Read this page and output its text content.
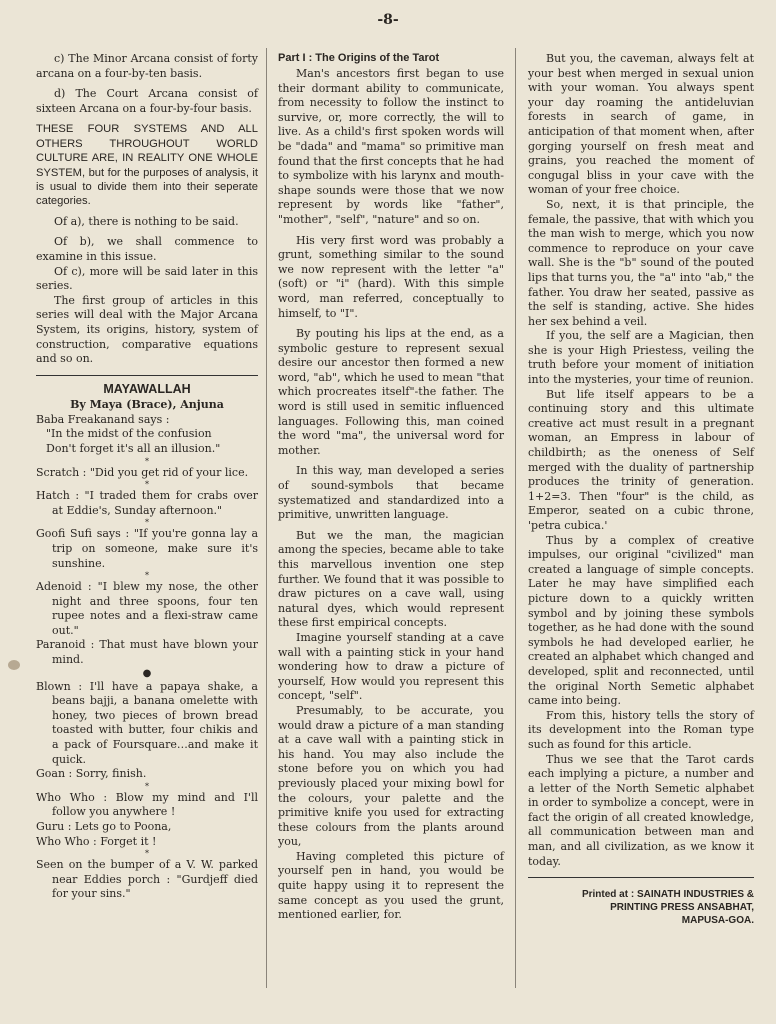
-8-

c) The Minor Arcana consist of forty arcana on a four-by-ten basis.

d) The Court Arcana consist of sixteen Arcana on a four-by-four basis.

THESE FOUR SYSTEMS AND ALL OTHERS THROUGHOUT WORLD CULTURE ARE, IN REALITY ONE WHOLE SYSTEM, but for the purposes of analysis, it is usual to divide them into their seperate categories.

Of a), there is nothing to be said.

Of b), we shall commence to examine in this issue.

Of c), more will be said later in this series.

The first group of articles in this series will deal with the Major Arcana System, its origins, history, system of construction, comparative equations and so on.

MAYAWALLAH
By Maya (Brace), Anjuna

Baba Freakanand says :

"In the midst of the confusion

Don't forget it's all an illusion."

*

Scratch : "Did you get rid of your lice.

*

Hatch : "I traded them for crabs over at Eddie's, Sunday afternoon."

*

Goofi Sufi says : "If you're gonna lay a trip on someone, make sure it's sunshine.

*

Adenoid : "I blew my nose, the other night and three spoons, four ten rupee notes and a flexi-straw came out."

Paranoid : That must have blown your mind.

●

Blown : I'll have a papaya shake, a beans bajji, a banana omelette with honey, two pieces of brown bread toasted with butter, four chikis and a pack of Foursquare…and make it quick.

Goan : Sorry, finish.

*

Who Who : Blow my mind and I'll follow you anywhere !

Guru : Lets go to Poona,

Who Who : Forget it !

*

Seen on the bumper of a V. W. parked near Eddies porch : "Gurdjeff died for your sins."

Part I : The Origins of the Tarot

Man's ancestors first began to use their dormant ability to communicate, from necessity to follow the instinct to survive, or, more correctly, the will to live. As a child's first spoken words will be "dada" and "mama" so primitive man found that the first concepts that he had to symbolize with his larynx and mouth-shape sounds were those that we now represent by words like "father", "mother", "self", "nature" and so on.

His very first word was probably a grunt, something similar to the sound we now represent with the letter "a" (soft) or "i" (hard). With this simple word, man referred, conceptually to himself, to "I".

By pouting his lips at the end, as a symbolic gesture to represent sexual desire our ancestor then formed a new word, "ab", which he used to mean "that which procreates itself"-the father. The word is still used in semitic influenced languages. Following this, man coined the word "ma", the universal word for mother.

In this way, man developed a series of sound-symbols that became systematized and standardized into a primitive, unwritten language.

But we the man, the magician among the species, became able to take this marvellous invention one step further. We found that it was possible to draw pictures on a cave wall, using natural dyes, which would represent these first empirical concepts.

Imagine yourself standing at a cave wall with a painting stick in your hand wondering how to draw a picture of yourself, How would you represent this concept, "self".

Presumably, to be accurate, you would draw a picture of a man standing at a cave wall with a painting stick in his hand. You may also include the stone before you on which you had previously placed your mixing bowl for the colours, your palette and the primitive knife you used for extracting these colours from the plants around you,

Having completed this picture of yourself pen in hand, you would be quite happy using it to represent the same concept as you used the grunt, mentioned earlier, for.

But you, the caveman, always felt at your best when merged in sexual union with your woman. You always spent your day roaming the antideluvian forests in search of game, in anticipation of that moment when, after gorging yourself on fresh meat and grains, you reached the moment of congugal bliss in your cave with the woman of your free choice.

So, next, it is that principle, the female, the passive, that with which you the man wish to merge, which you now commence to reproduce on your cave wall. She is the "b" sound of the pouted lips that turns you, the "a" into "ab," the father. You draw her seated, passive as the self is standing, active. She hides her sex behind a veil.

If you, the self are a Magician, then she is your High Priestess, veiling the truth before your moment of initiation into the mysteries, your time of reunion.

But life itself appears to be a continuing story and this ultimate creative act must result in a pregnant woman, an Empress in labour of childbirth; as the oneness of Self merged with the duality of partnership produces the trinity of generation. 1+2=3. Then "four" is the child, as Emperor, seated on a cubic throne, 'petra cubica.'

Thus by a complex of creative impulses, our original "civilized" man created a language of simple concepts. Later he may have simplified each picture down to a quickly written symbol and by joining these symbols together, as he had done with the sound symbols he had developed earlier, he created an alphabet which changed and developed, split and reconnected, until the original North Semetic alphabet came into being.

From this, history tells the story of its development into the Roman type such as found for this article.

Thus we see that the Tarot cards each implying a picture, a number and a letter of the North Semetic alphabet in order to symbolize a concept, were in fact the origin of all created knowledge, all communication between man and man, and all civilization, as we know it today.

Printed at : SAINATH INDUSTRIES &
PRINTING PRESS ANSABHAT,
MAPUSA-GOA.
